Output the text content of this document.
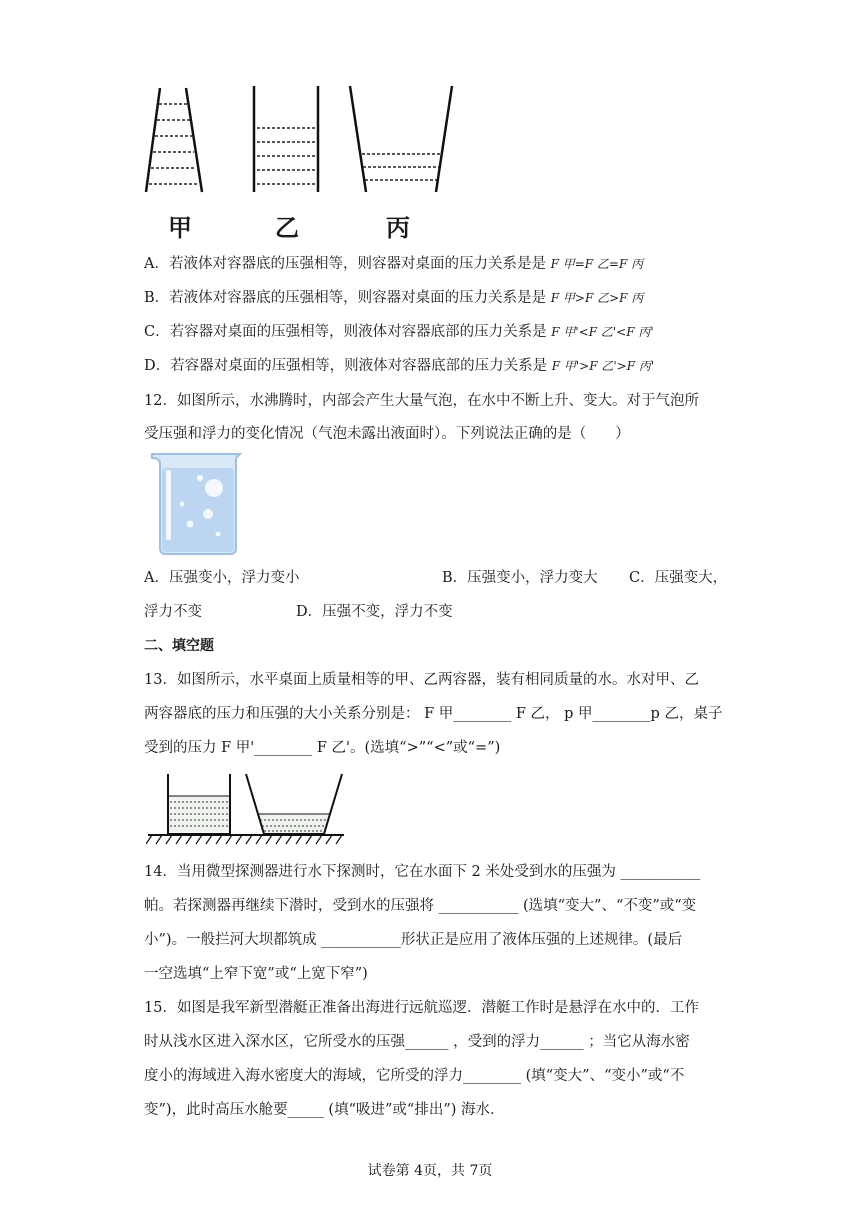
甲	乙	丙
A．若液体对容器底的压强相等，则容器对桌面的压力关系是是 F 甲=F 乙=F 丙
B．若液体对容器底的压强相等，则容器对桌面的压力关系是是 F 甲>F 乙>F 丙
C．若容器对桌面的压强相等，则液体对容器底部的压力关系是 F 甲'<F 乙'<F 丙'
D．若容器对桌面的压强相等，则液体对容器底部的压力关系是 F 甲'>F 乙'>F 丙'
12．如图所示，水沸腾时，内部会产生大量气泡，在水中不断上升、变大。对于气泡所
受压强和浮力的变化情况（气泡未露出液面时）。下列说法正确的是（　　）
A．压强变小，浮力变小	B．压强变小，浮力变大 C．压强变大，
浮力不变	D．压强不变，浮力不变
二、填空题
13．如图所示，水平桌面上质量相等的甲、乙两容器，装有相同质量的水。水对甲、乙
两容器底的压力和压强的大小关系分别是： F 甲________ F 乙， p 甲________p 乙，桌子
受到的压力 F 甲'________ F 乙'。(选填“>”“<”或“=”)
14．当用微型探测器进行水下探测时，它在水面下 2 米处受到水的压强为 ___________
帕。若探测器再继续下潜时，受到水的压强将 ___________ (选填“变大”、“不变”或“变
小”)。一般拦河大坝都筑成 ___________形状正是应用了液体压强的上述规律。(最后
一空选填“上窄下宽”或“上宽下窄”)
15．如图是我军新型潜艇正准备出海进行远航巡逻．潜艇工作时是悬浮在水中的．工作
时从浅水区进入深水区，它所受水的压强______ ，受到的浮力______ ；当它从海水密
度小的海域进入海水密度大的海域，它所受的浮力________ (填“变大”、“变小”或“不
变”)，此时高压水舱要_____ (填“吸进”或“排出”) 海水．
试卷第 4页，共 7页
